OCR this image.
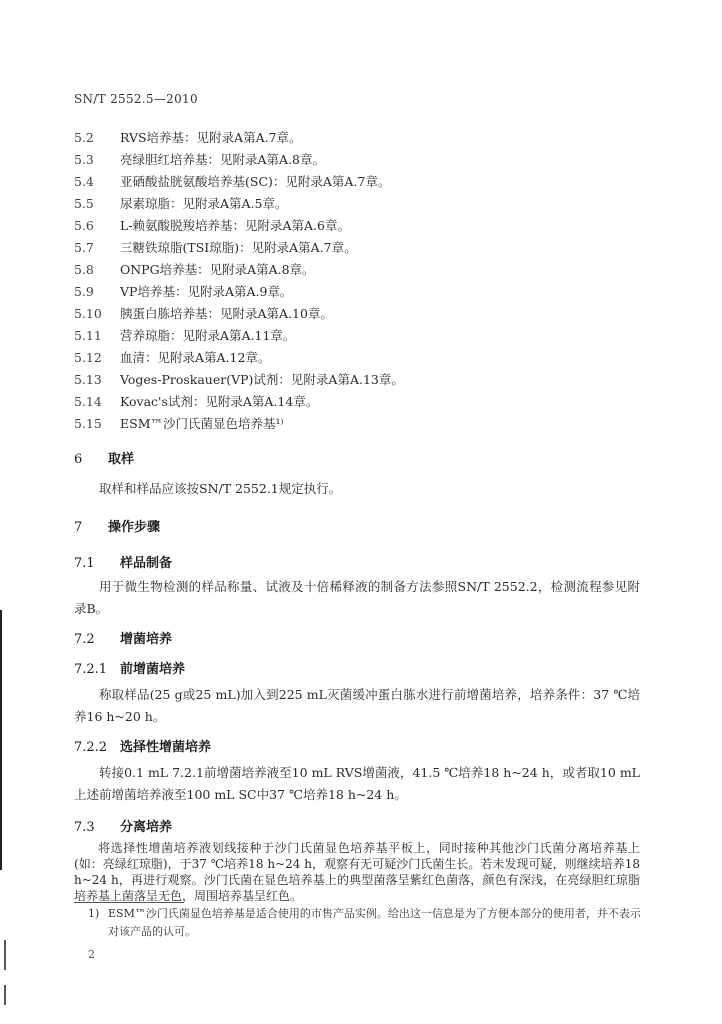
SN/T 2552.5—2010
5.2 RVS培养基：见附录A第A.7章。
5.3 亮绿胆红培养基：见附录A第A.8章。
5.4 亚硒酸盐胱氨酸培养基(SC)：见附录A第A.7章。
5.5 尿素琼脂：见附录A第A.5章。
5.6 L-赖氨酸脱羧培养基：见附录A第A.6章。
5.7 三糖铁琼脂(TSI琼脂)：见附录A第A.7章。
5.8 ONPG培养基：见附录A第A.8章。
5.9 VP培养基：见附录A第A.9章。
5.10 胰蛋白胨培养基：见附录A第A.10章。
5.11 营养琼脂：见附录A第A.11章。
5.12 血清：见附录A第A.12章。
5.13 Voges-Proskauer(VP)试剂：见附录A第A.13章。
5.14 Kovac's试剂：见附录A第A.14章。
5.15 ESM™沙门氏菌显色培养基¹⁾
6 取样
取样和样品应该按SN/T 2552.1规定执行。
7 操作步骤
7.1 样品制备
用于微生物检测的样品称量、试液及十倍稀释液的制备方法参照SN/T 2552.2，检测流程参见附录B。
7.2 增菌培养
7.2.1 前增菌培养
称取样品(25 g或25 mL)加入到225 mL灭菌缓冲蛋白胨水进行前增菌培养，培养条件：37 ℃培养16 h~20 h。
7.2.2 选择性增菌培养
转接0.1 mL 7.2.1前增菌培养液至10 mL RVS增菌液，41.5 ℃培养18 h~24 h，或者取10 mL上述前增菌培养液至100 mL SC中37 ℃培养18 h~24 h。
7.3 分离培养
将选择性增菌培养液划线接种于沙门氏菌显色培养基平板上，同时接种其他沙门氏菌分离培养基上(如：亮绿红琼脂)，于37 ℃培养18 h~24 h，观察有无可疑沙门氏菌生长。若未发现可疑，则继续培养18 h~24 h，再进行观察。沙门氏菌在显色培养基上的典型菌落呈紫红色菌落，颜色有深浅，在亮绿胆红琼脂培养基上菌落呈无色，周围培养基呈红色。
1) ESM™沙门氏菌显色培养基是适合使用的市售产品实例。给出这一信息是为了方便本部分的使用者，并不表示对该产品的认可。
2
